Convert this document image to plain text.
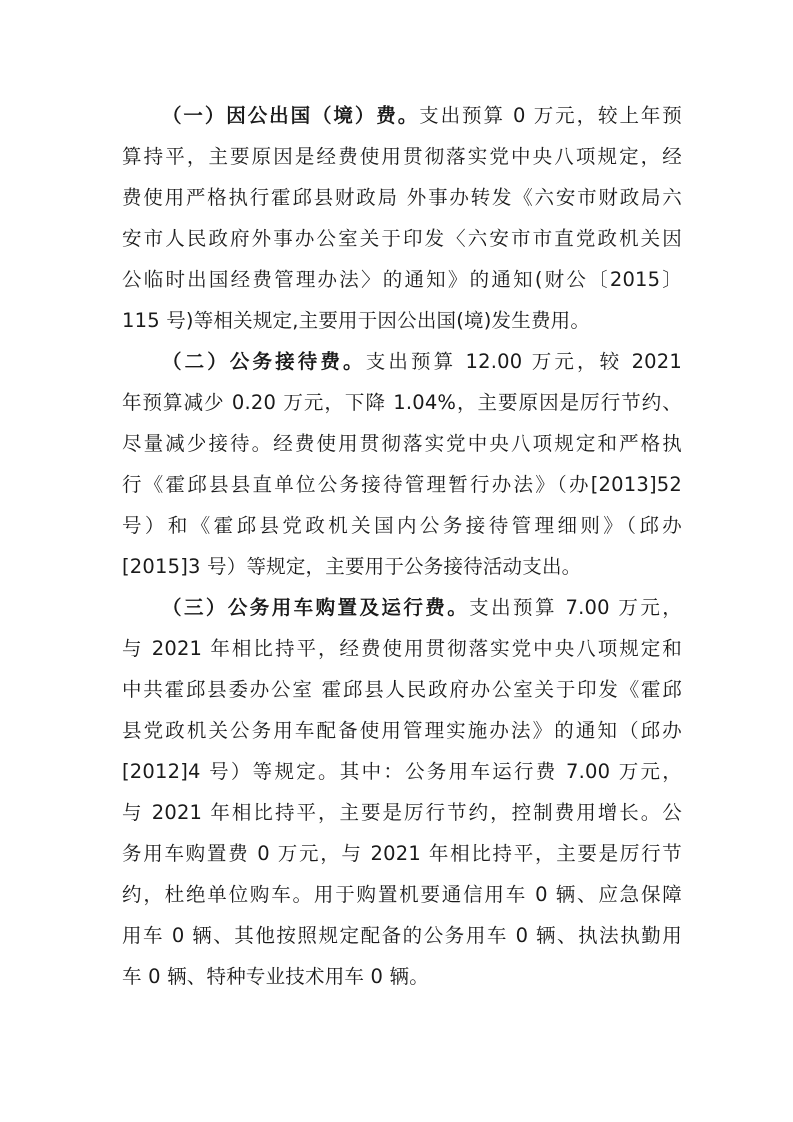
（一）因公出国（境）费。支出预算 0 万元，较上年预
算持平，主要原因是经费使用贯彻落实党中央八项规定，经
费使用严格执行霍邱县财政局 外事办转发《六安市财政局六
安市人民政府外事办公室关于印发〈六安市市直党政机关因
公临时出国经费管理办法〉的通知》的通知(财公〔2015〕
115 号)等相关规定,主要用于因公出国(境)发生费用。
（二）公务接待费。支出预算 12.00 万元，较 2021
年预算减少 0.20 万元，下降 1.04%，主要原因是厉行节约、
尽量减少接待。经费使用贯彻落实党中央八项规定和严格执
行《霍邱县县直单位公务接待管理暂行办法》（办[2013]52
号）和《霍邱县党政机关国内公务接待管理细则》（邱办
[2015]3 号）等规定，主要用于公务接待活动支出。
（三）公务用车购置及运行费。支出预算 7.00 万元，
与 2021 年相比持平，经费使用贯彻落实党中央八项规定和
中共霍邱县委办公室 霍邱县人民政府办公室关于印发《霍邱
县党政机关公务用车配备使用管理实施办法》的通知（邱办
[2012]4 号）等规定。其中：公务用车运行费 7.00 万元，
与 2021 年相比持平，主要是厉行节约，控制费用增长。公
务用车购置费 0 万元，与 2021 年相比持平，主要是厉行节
约，杜绝单位购车。用于购置机要通信用车 0 辆、应急保障
用车 0 辆、其他按照规定配备的公务用车 0 辆、执法执勤用
车 0 辆、特种专业技术用车 0 辆。
